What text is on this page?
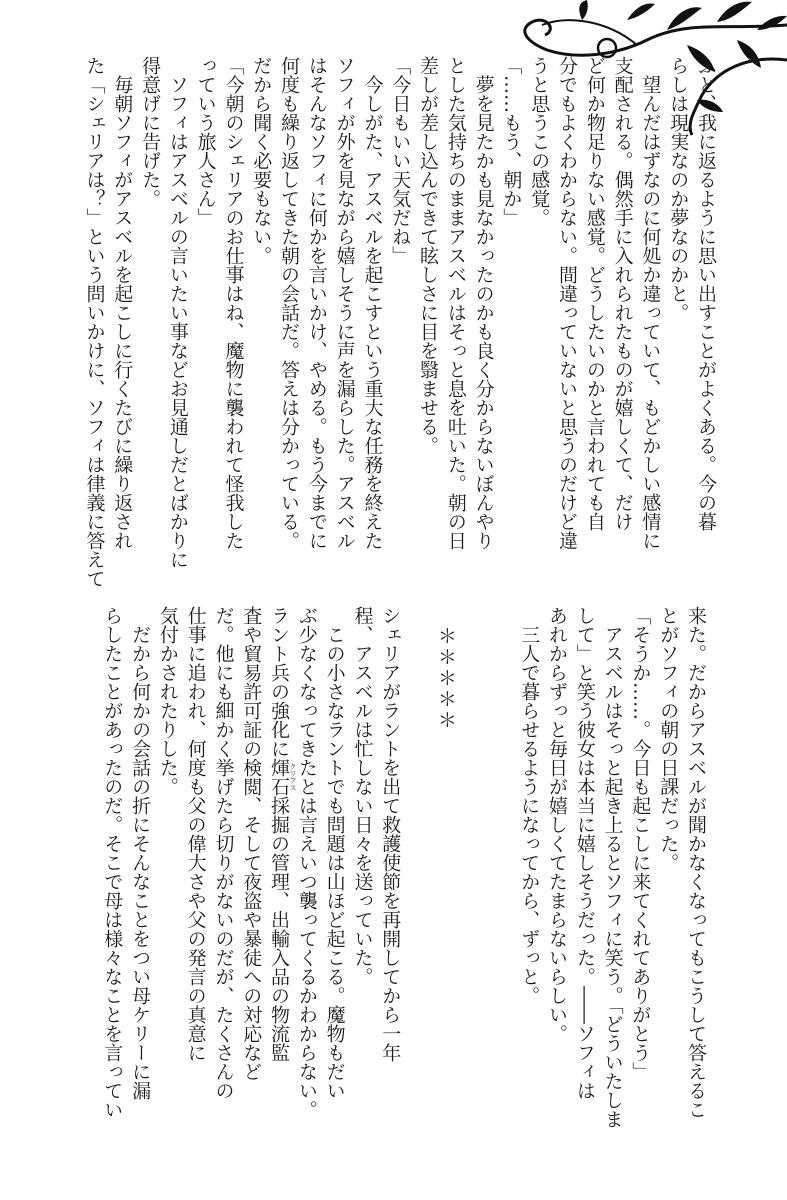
ふと、我に返るように思い出すことがよくある。今の暮
らしは現実なのか夢なのかと。
　望んだはずなのに何処か違っていて、もどかしい感情に
支配される。偶然手に入れられたものが嬉しくて、だけ
ど何か物足りない感覚。どうしたいのかと言われても自
分でもよくわからない。間違っていないと思うのだけど違
うと思うこの感覚。
「……もう、朝か」
　夢を見たかも見なかったのかも良く分からないぼんやり
とした気持ちのままアスベルはそっと息を吐いた。朝の日
差しが差し込んできて眩しさに目を翳ませる。
「今日もいい天気だね」
　今しがた、アスベルを起こすという重大な任務を終えた
ソフィが外を見ながら嬉しそうに声を漏らした。アスベル
はそんなソフィに何かを言いかけ、やめる。もう今までに
何度も繰り返してきた朝の会話だ。答えは分かっている。
だから聞く必要もない。
「今朝のシェリアのお仕事はね、魔物に襲われて怪我した
っていう旅人さん」
　ソフィはアスベルの言いたい事などお見通しだとばかりに
得意げに告げた。
　毎朝ソフィがアスベルを起こしに行くたびに繰り返され
た「シェリアは？」という問いかけに、ソフィは律義に答えて
来た。だからアスベルが聞かなくなってもこうして答えるこ
とがソフィの朝の日課だった。
「そうか……。今日も起こしに来てくれてありがとう」
　アスベルはそっと起き上るとソフィに笑う。「どういたしま
して」と笑う彼女は本当に嬉しそうだった。――ソフィは
あれからずっと毎日が嬉しくてたまらないらしい。
　三人で暮らせるようになってから、ずっと。
＊＊＊＊＊
シェリアがラントを出て救護使節を再開してから一年
程、アスベルは忙しない日々を送っていた。
　この小さなラントでも問題は山ほど起こる。魔物もだい
ぶ少なくなってきたとは言えいつ襲ってくるかわからない。
ラント兵の強化に煇石採掘の管理、出輸入品の物流監
査や貿易許可証の検閲、そして夜盗や暴徒への対応など
だ。他にも細かく挙げたら切りがないのだが、たくさんの
仕事に追われ、何度も父の偉大さや父の発言の真意に
気付かされたりした。
　だから何かの会話の折にそんなことをつい母ケリーに漏
らしたことがあったのだ。そこで母は様々なことを言ってい	クリアス
